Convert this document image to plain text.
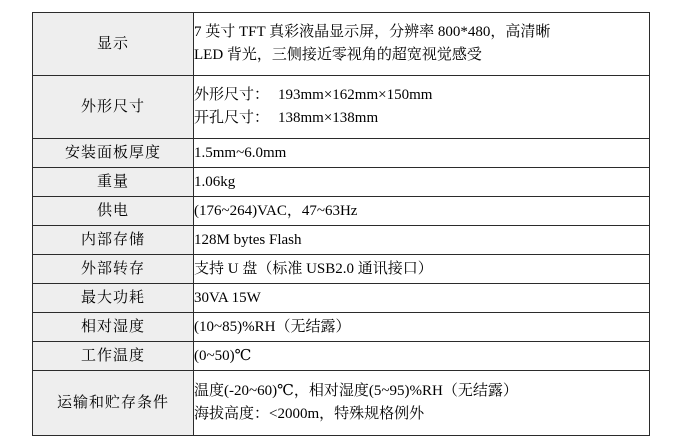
显示	7 英寸 TFT 真彩液晶显示屏，分辨率 800*480，高清晰
LED 背光，三侧接近零视角的超宽视觉感受

外形尺寸	外形尺寸： 193mm×162mm×150mm
开孔尺寸： 138mm×138mm

安装面板厚度	1.5mm~6.0mm

重量	1.06kg

供电	(176~264)VAC，47~63Hz

内部存储	128M bytes Flash

外部转存	支持 U 盘（标准 USB2.0 通讯接口）

最大功耗	30VA 15W

相对湿度	(10~85)%RH（无结露）

工作温度	(0~50)℃

运输和贮存条件	温度(-20~60)℃，相对湿度(5~95)%RH（无结露）
海拔高度：<2000m，特殊规格例外
